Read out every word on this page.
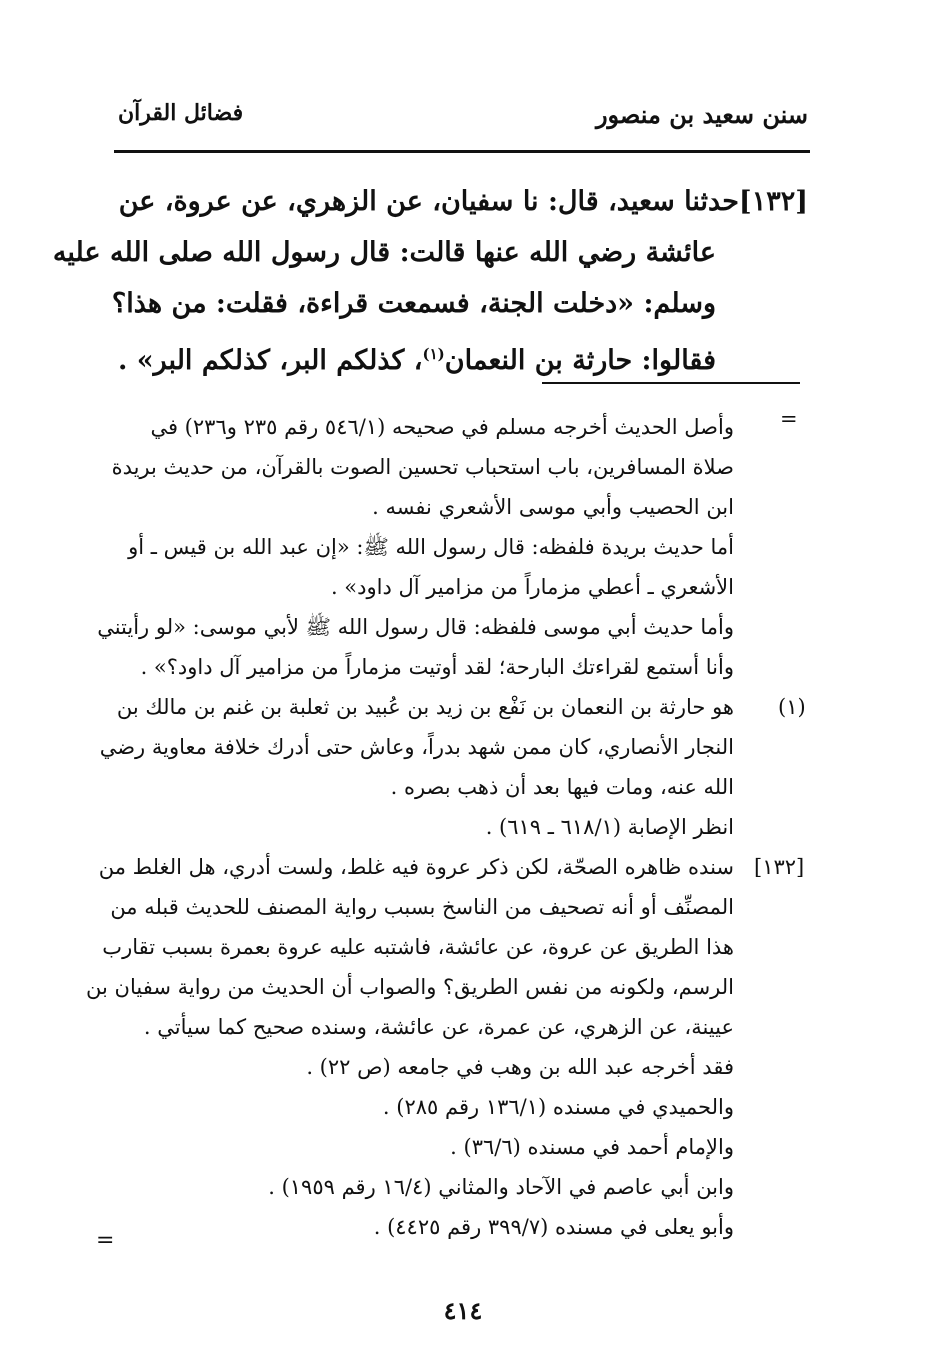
سنن سعيد بن منصور
فضائل القرآن
[١٣٢]حدثنا سعيد، قال: نا سفيان، عن الزهري، عن عروة، عن
عائشة رضي الله عنها قالت: قال رسول الله صلى الله عليه
وسلم: «دخلت الجنة، فسمعت قراءة، فقلت: من هذا؟
فقالوا: حارثة بن النعمان$^{(١)}$، كذلكم البر، كذلكم البر» .
=
(١)
[١٣٢]
وأصل الحديث أخرجه مسلم في صحيحه (٥٤٦/١ رقم ٢٣٥ و٢٣٦) في
صلاة المسافرين، باب استحباب تحسين الصوت بالقرآن، من حديث بريدة
ابن الحصيب وأبي موسى الأشعري نفسه .
أما حديث بريدة فلفظه: قال رسول الله ﷺ: «إن عبد الله بن قيس ـ أو
الأشعري ـ أعطي مزماراً من مزامير آل داود» .
وأما حديث أبي موسى فلفظه: قال رسول الله ﷺ لأبي موسى: «لو رأيتني
وأنا أستمع لقراءتك البارحة؛ لقد أوتيت مزماراً من مزامير آل داود؟» .
هو حارثة بن النعمان بن نَفْع بن زيد بن عُبيد بن ثعلبة بن غنم بن مالك بن
النجار الأنصاري، كان ممن شهد بدراً، وعاش حتى أدرك خلافة معاوية رضي
الله عنه، ومات فيها بعد أن ذهب بصره .
انظر الإصابة (٦١٨/١ ـ ٦١٩) .
سنده ظاهره الصحّة، لكن ذكر عروة فيه غلط، ولست أدري، هل الغلط من
المصنِّف أو أنه تصحيف من الناسخ بسبب رواية المصنف للحديث قبله من
هذا الطريق عن عروة، عن عائشة، فاشتبه عليه عروة بعمرة بسبب تقارب
الرسم، ولكونه من نفس الطريق؟ والصواب أن الحديث من رواية سفيان بن
عيينة، عن الزهري، عن عمرة، عن عائشة، وسنده صحيح كما سيأتي .
فقد أخرجه عبد الله بن وهب في جامعه (ص ٢٢) .
والحميدي في مسنده (١٣٦/١ رقم ٢٨٥) .
والإمام أحمد في مسنده (٣٦/٦) .
وابن أبي عاصم في الآحاد والمثاني (١٦/٤ رقم ١٩٥٩) .
وأبو يعلى في مسنده (٣٩٩/٧ رقم ٤٤٢٥) .
=
٤١٤
